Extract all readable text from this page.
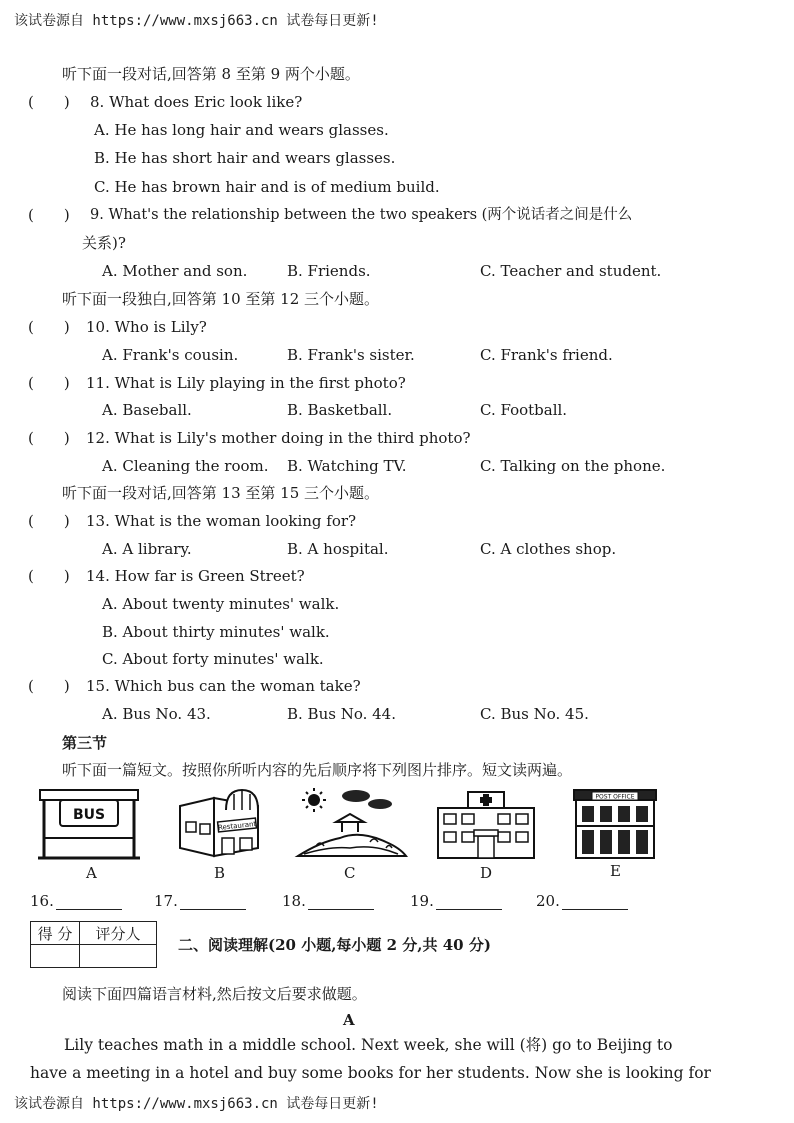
该试卷源自 https://www.mxsj663.cn 试卷每日更新!
听下面一段对话,回答第 8 至第 9 两个小题。
(　　) 8. What does Eric look like?
A. He has long hair and wears glasses.
B. He has short hair and wears glasses.
C. He has brown hair and is of medium build.
(　　) 9. What's the relationship between the two speakers (两个说话者之间是什么
关系)?
A. Mother and son.	B. Friends.	C. Teacher and student.
听下面一段独白,回答第 10 至第 12 三个小题。
(　　) 10. Who is Lily?
A. Frank's cousin.	B. Frank's sister.	C. Frank's friend.
(　　) 11. What is Lily playing in the first photo?
A. Baseball.	B. Basketball.	C. Football.
(　　) 12. What is Lily's mother doing in the third photo?
A. Cleaning the room. B. Watching TV.	C. Talking on the phone.
听下面一段对话,回答第 13 至第 15 三个小题。
(　　) 13. What is the woman looking for?
A. A library.	B. A hospital.	C. A clothes shop.
(　　) 14. How far is Green Street?
A. About twenty minutes' walk.
B. About thirty minutes' walk.
C. About forty minutes' walk.
(　　) 15. Which bus can the woman take?
A. Bus No. 43.	B. Bus No. 44.	C. Bus No. 45.
第三节
听下面一篇短文。按照你所听内容的先后顺序将下列图片排序。短文读两遍。
BUS
A
Restaurant
B	C	D
POST OFFICE
E
16.	17.	18.	19.	20.
得 分	评分人

二、阅读理解(20 小题,每小题 2 分,共 40 分)
阅读下面四篇语言材料,然后按文后要求做题。
A
Lily teaches math in a middle school. Next week, she will (将) go to Beijing to
have a meeting in a hotel and buy some books for her students. Now she is looking for
该试卷源自 https://www.mxsj663.cn 试卷每日更新!
